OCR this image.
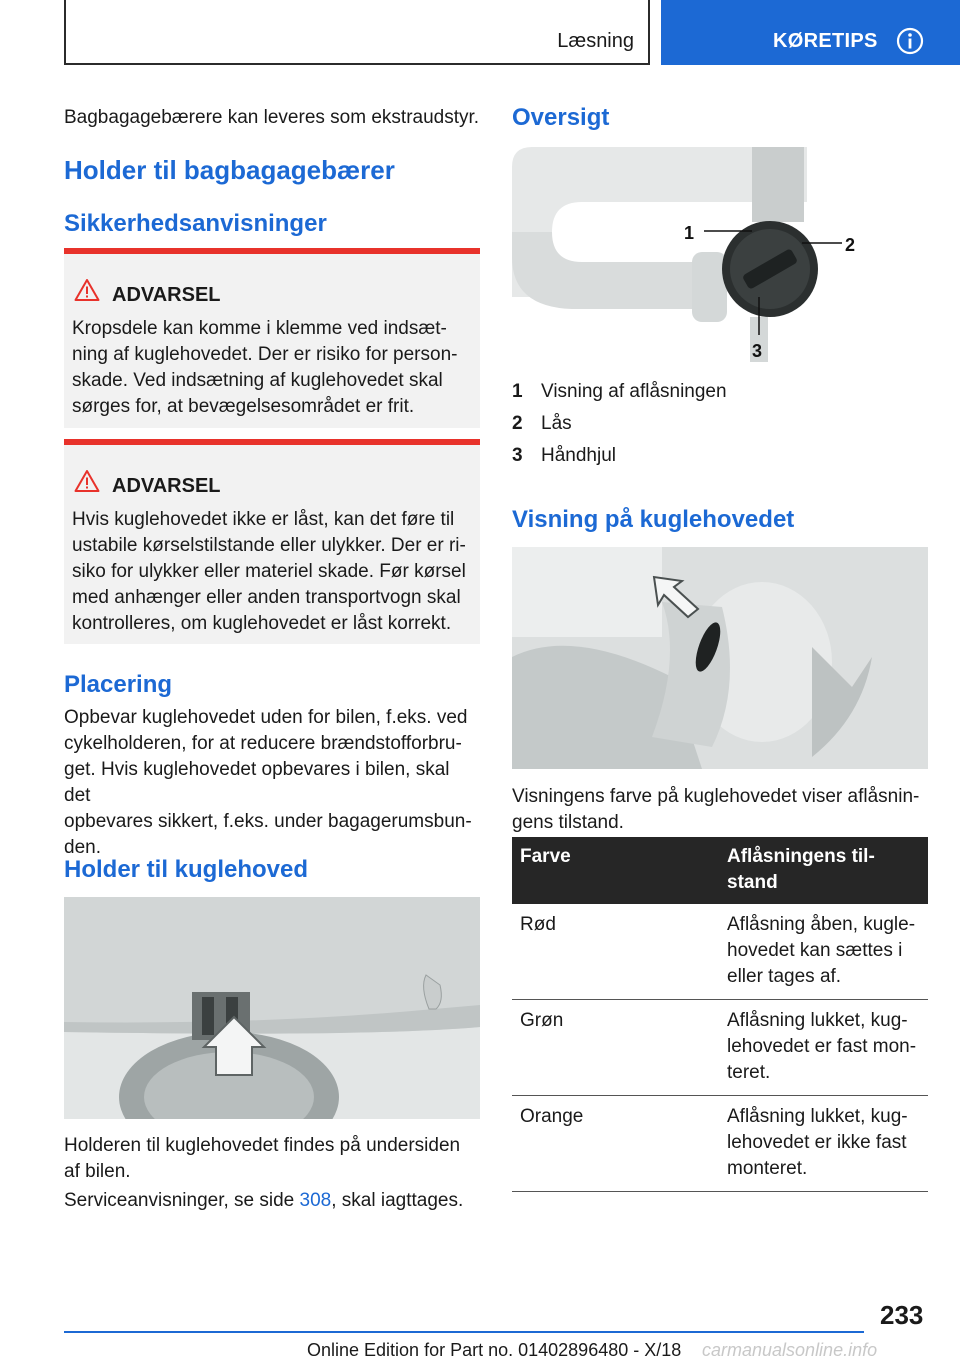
Læsning	KØRETIPS
Bagbagagebærere kan leveres som ekstraudstyr.
Holder til bagbagagebærer
Sikkerhedsanvisninger
ADVARSEL
Kropsdele kan komme i klemme ved indsæt-
ning af kuglehovedet. Der er risiko for person-
skade. Ved indsætning af kuglehovedet skal
sørges for, at bevægelsesområdet er frit.
ADVARSEL
Hvis kuglehovedet ikke er låst, kan det føre til
ustabile kørselstilstande eller ulykker. Der er ri-
siko for ulykker eller materiel skade. Før kørsel
med anhænger eller anden transportvogn skal
kontrolleres, om kuglehovedet er låst korrekt.
Placering
Opbevar kuglehovedet uden for bilen, f.eks. ved
cykelholderen, for at reducere brændstofforbru-
get. Hvis kuglehovedet opbevares i bilen, skal det
opbevares sikkert, f.eks. under bagagerumsbun-
den.
Holder til kuglehoved
Holderen til kuglehovedet findes på undersiden
af bilen.
Serviceanvisninger, se side 308, skal iagttages.
Oversigt
1
2
3
1 Visning af aflåsningen
2 Lås
3 Håndhjul
Visning på kuglehovedet
Visningens farve på kuglehovedet viser aflåsnin-
gens tilstand.
Farve	Aflåsningens til-
stand

Rød	Aflåsning åben, kugle-
hovedet kan sættes i
eller tages af.

Grøn	Aflåsning lukket, kug-
lehovedet er fast mon-
teret.

Orange	Aflåsning lukket, kug-
lehovedet er ikke fast
monteret.
233
Online Edition for Part no. 01402896480 - X/18 carmanualsonline.info
